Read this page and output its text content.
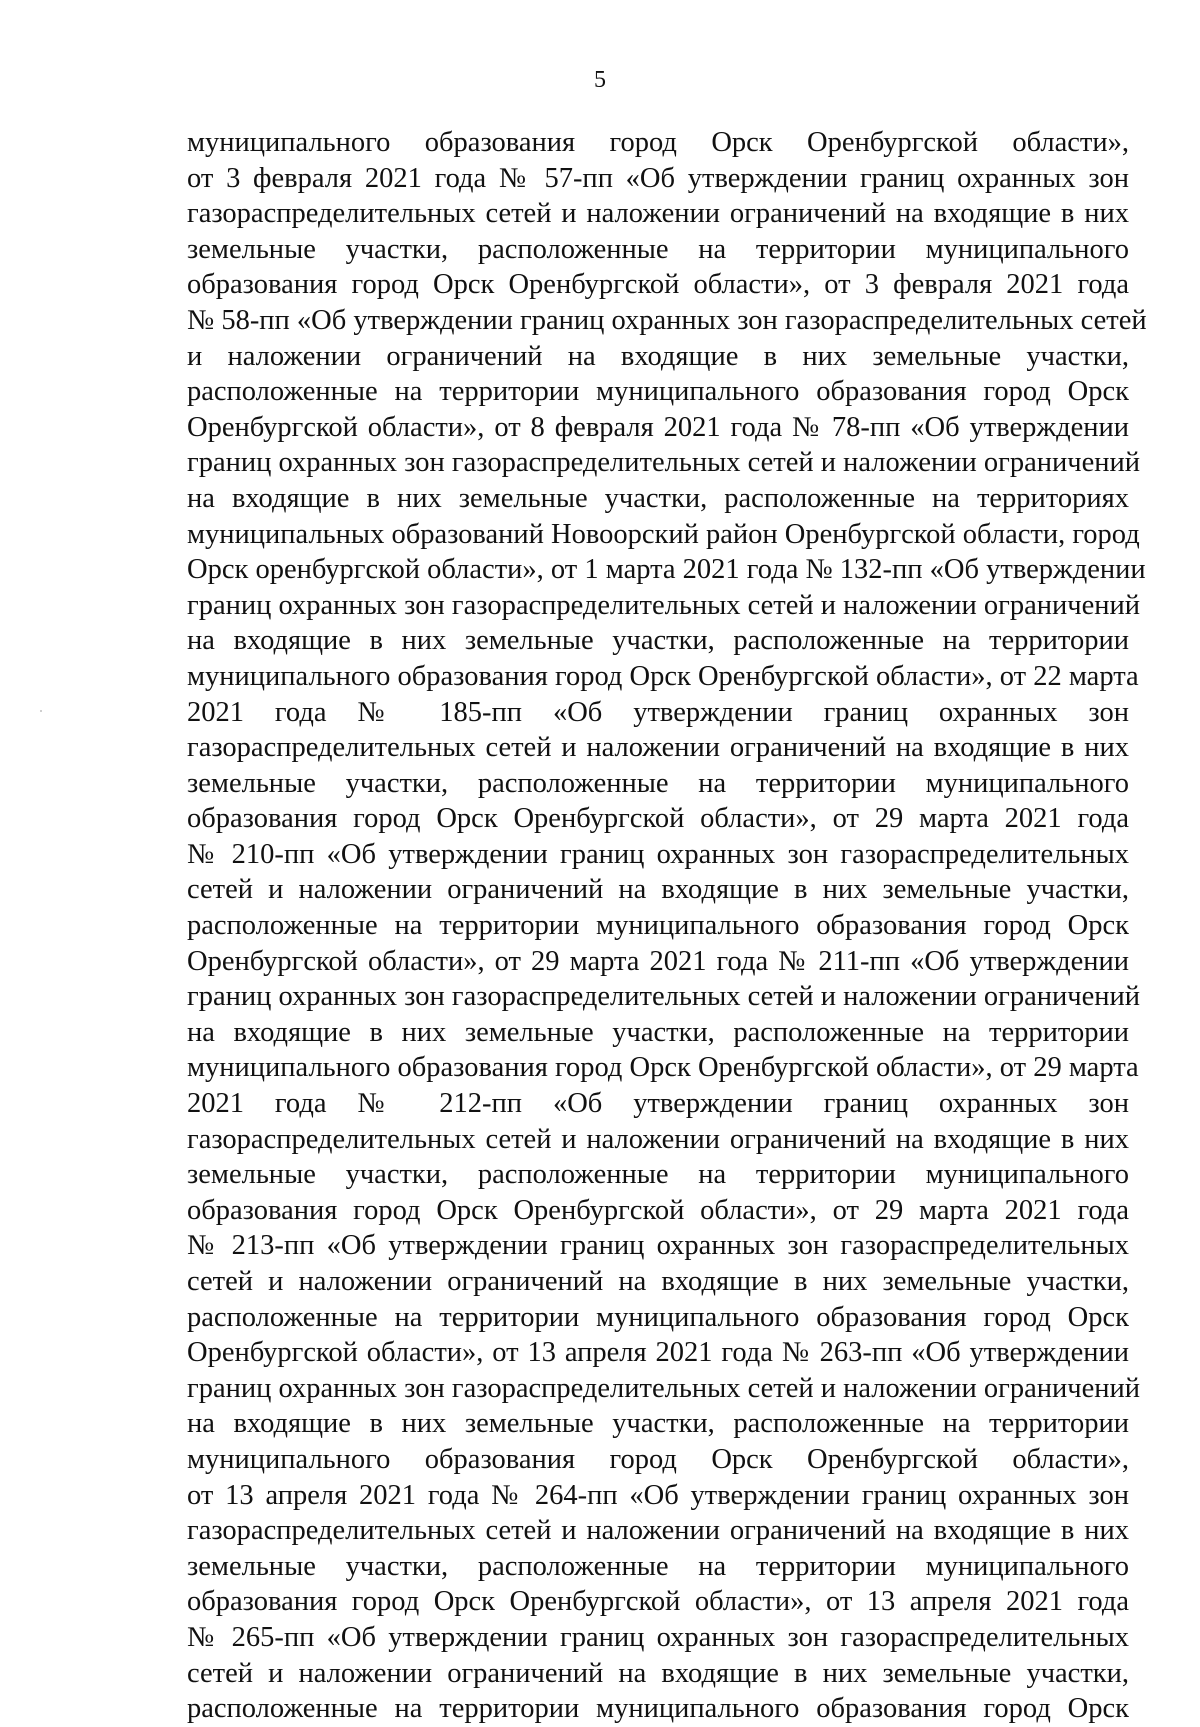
5
муниципального образования город Орск Оренбургской области»,
от 3 февраля 2021 года № 57-пп «Об утверждении границ охранных зон
газораспределительных сетей и наложении ограничений на входящие в них
земельные участки, расположенные на территории муниципального
образования город Орск Оренбургской области», от 3 февраля 2021 года
№ 58-пп «Об утверждении границ охранных зон газораспределительных сетей
и наложении ограничений на входящие в них земельные участки,
расположенные на территории муниципального образования город Орск
Оренбургской области», от 8 февраля 2021 года № 78-пп «Об утверждении
границ охранных зон газораспределительных сетей и наложении ограничений
на входящие в них земельные участки, расположенные на территориях
муниципальных образований Новоорский район Оренбургской области, город
Орск оренбургской области», от 1 марта 2021 года № 132-пп «Об утверждении
границ охранных зон газораспределительных сетей и наложении ограничений
на входящие в них земельные участки, расположенные на территории
муниципального образования город Орск Оренбургской области», от 22 марта
2021 года № 185-пп «Об утверждении границ охранных зон
газораспределительных сетей и наложении ограничений на входящие в них
земельные участки, расположенные на территории муниципального
образования город Орск Оренбургской области», от 29 марта 2021 года
№ 210-пп «Об утверждении границ охранных зон газораспределительных
сетей и наложении ограничений на входящие в них земельные участки,
расположенные на территории муниципального образования город Орск
Оренбургской области», от 29 марта 2021 года № 211-пп «Об утверждении
границ охранных зон газораспределительных сетей и наложении ограничений
на входящие в них земельные участки, расположенные на территории
муниципального образования город Орск Оренбургской области», от 29 марта
2021 года № 212-пп «Об утверждении границ охранных зон
газораспределительных сетей и наложении ограничений на входящие в них
земельные участки, расположенные на территории муниципального
образования город Орск Оренбургской области», от 29 марта 2021 года
№ 213-пп «Об утверждении границ охранных зон газораспределительных
сетей и наложении ограничений на входящие в них земельные участки,
расположенные на территории муниципального образования город Орск
Оренбургской области», от 13 апреля 2021 года № 263-пп «Об утверждении
границ охранных зон газораспределительных сетей и наложении ограничений
на входящие в них земельные участки, расположенные на территории
муниципального образования город Орск Оренбургской области»,
от 13 апреля 2021 года № 264-пп «Об утверждении границ охранных зон
газораспределительных сетей и наложении ограничений на входящие в них
земельные участки, расположенные на территории муниципального
образования город Орск Оренбургской области», от 13 апреля 2021 года
№ 265-пп «Об утверждении границ охранных зон газораспределительных
сетей и наложении ограничений на входящие в них земельные участки,
расположенные на территории муниципального образования город Орск
